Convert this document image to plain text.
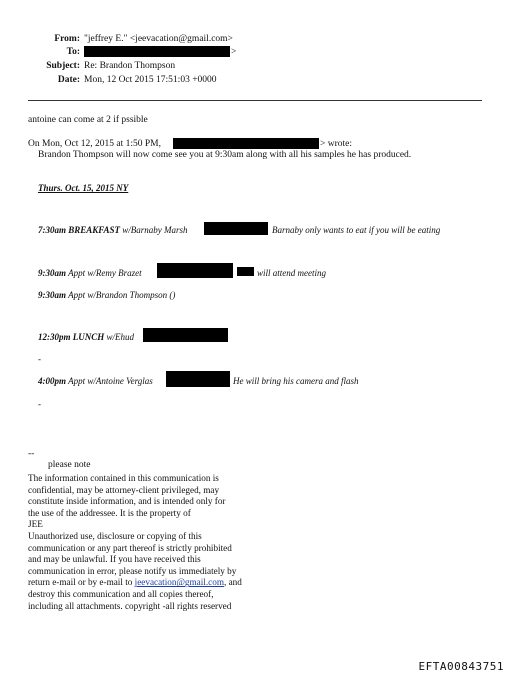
From: "jeffrey E." <jeevacation@gmail.com>
To:	>
Subject: Re: Brandon Thompson
Date: Mon, 12 Oct 2015 17:51:03 +0000
antoine can come at 2 if pssible
On Mon, Oct 12, 2015 at 1:50 PM,	> wrote:
Brandon Thompson will now come see you at 9:30am along with all his samples he has produced.
Thurs. Oct. 15, 2015 NY
7:30am BREAKFAST w/Barnaby Marsh	Barnaby only wants to eat if you will be eating
9:30am Appt w/Remy Brazet	will attend meeting
9:30am Appt w/Brandon Thompson ()
12:30pm LUNCH w/Ehud
-
4:00pm Appt w/Antoine Verglas	He will bring his camera and flash
-
--
please note
The information contained in this communication is
confidential, may be attorney-client privileged, may
constitute inside information, and is intended only for
the use of the addressee. It is the property of
JEE
Unauthorized use, disclosure or copying of this
communication or any part thereof is strictly prohibited
and may be unlawful. If you have received this
communication in error, please notify us immediately by
return e-mail or by e-mail to jeevacation@gmail.com, and
destroy this communication and all copies thereof,
including all attachments. copyright -all rights reserved
EFTA00843751
